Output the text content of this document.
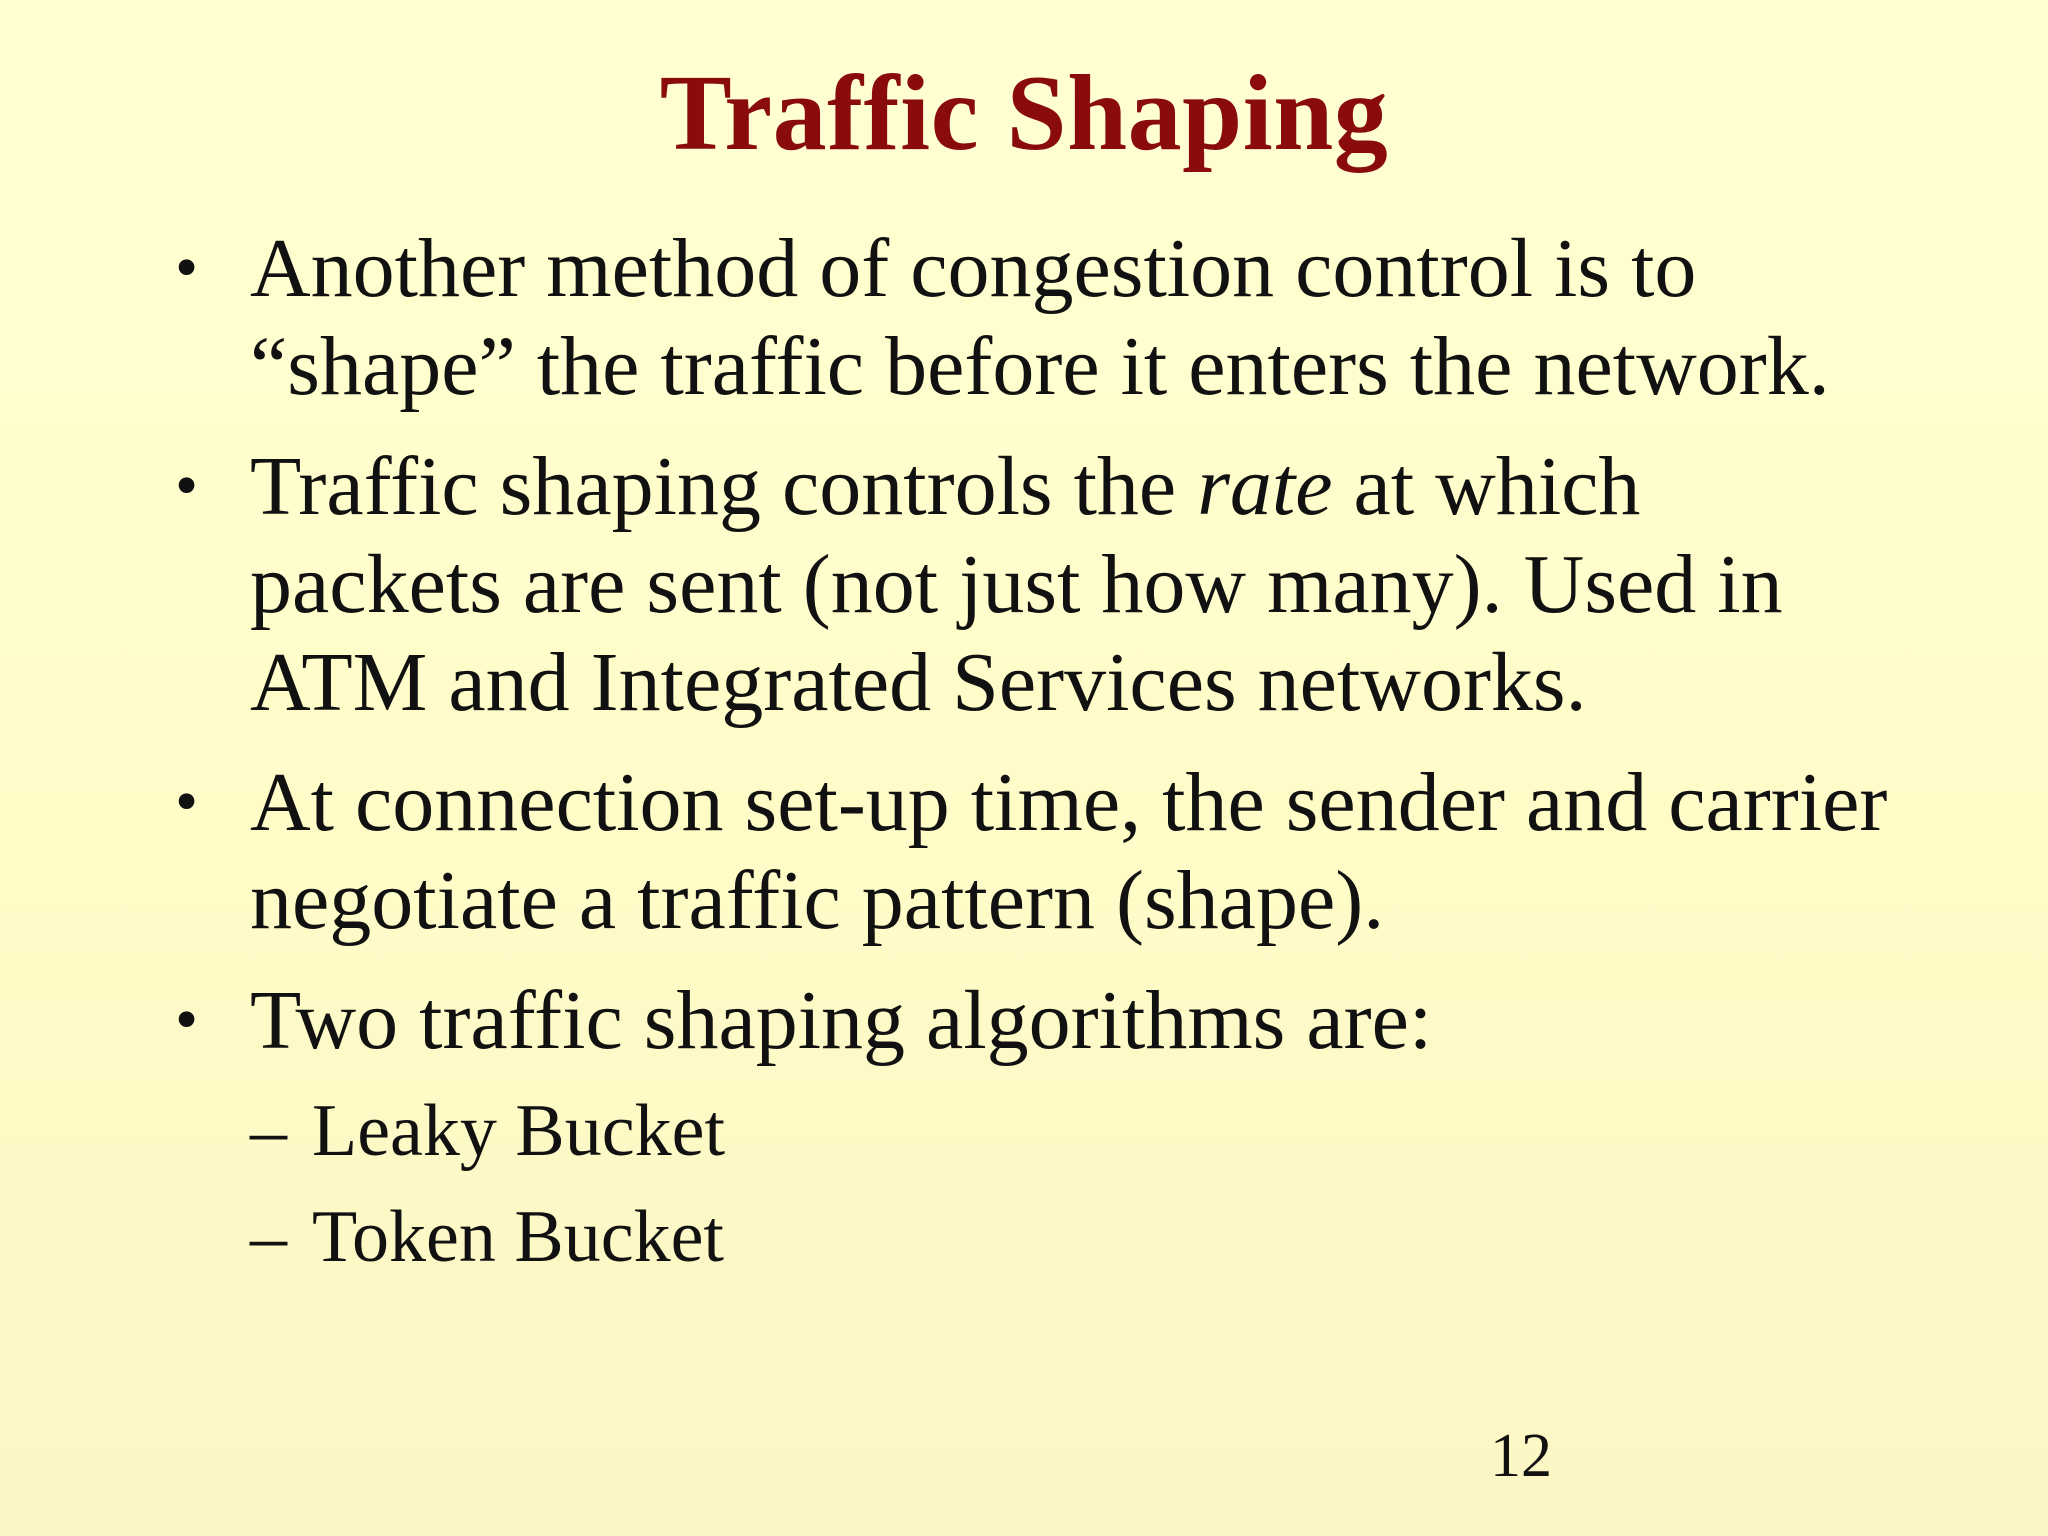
Traffic Shaping
• Another method of congestion control is to “shape” the traffic before it enters the network.
• Traffic shaping controls the rate at which packets are sent (not just how many). Used in ATM and Integrated Services networks.
• At connection set-up time, the sender and carrier negotiate a traffic pattern (shape).
• Two traffic shaping algorithms are:
– Leaky Bucket
– Token Bucket
12
